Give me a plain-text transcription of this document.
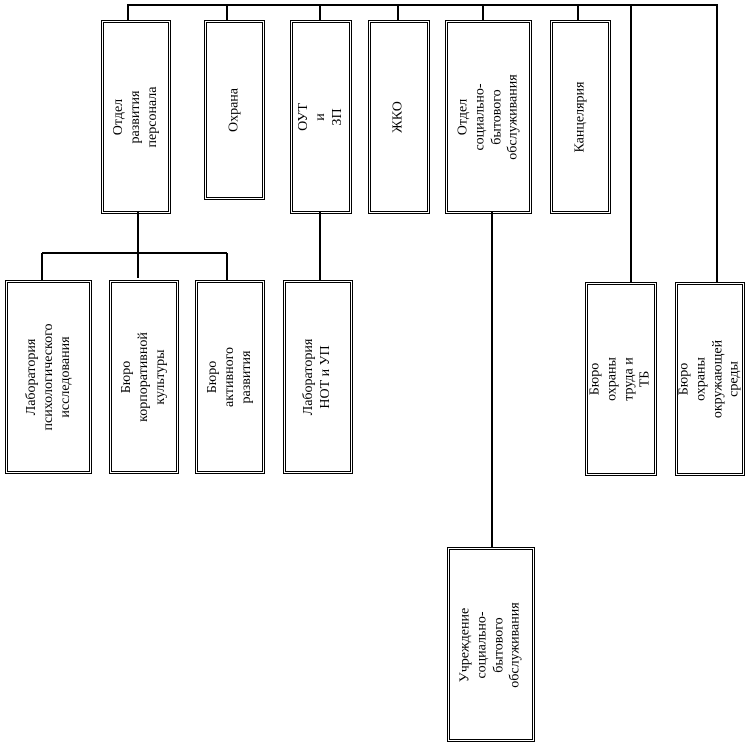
Отдел развития
персонала	Охрана	ОУТ и ЗП	ЖКО	Отдел социально-
бытового
обслуживания	Канцелярия
Лаборатория
психологического
исследования	Бюро корпоративной
культуры	Бюро активного
развития	Лаборатория
НОТ и УП
Бюро охраны труда и
ТБ Бюро охраны
окружающей среды
Учреждение
социально-бытового
обслуживания
